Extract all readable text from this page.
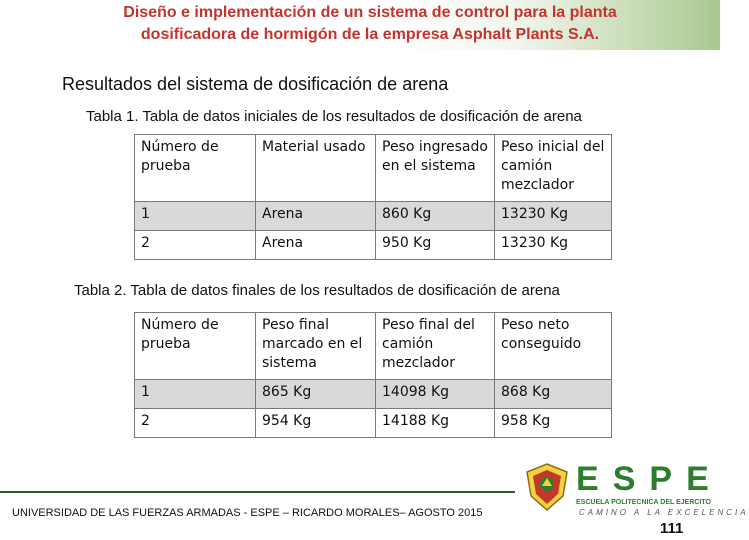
Diseño e implementación de un sistema de control para la planta
dosificadora de hormigón de la empresa Asphalt Plants S.A.
Resultados del sistema de dosificación de arena
Tabla 1. Tabla de datos iniciales de los resultados de dosificación de arena
Número de prueba	Material usado	Peso ingresado en el sistema	Peso inicial del camión mezclador
1	Arena	860 Kg	13230 Kg
2	Arena	950 Kg	13230 Kg
Tabla 2. Tabla de datos finales de los resultados de dosificación de arena
Número de prueba	Peso final marcado en el sistema	Peso final del camión mezclador	Peso neto conseguido
1	865 Kg	14098 Kg	868 Kg
2	954 Kg	14188 Kg	958 Kg
UNIVERSIDAD DE LAS FUERZAS ARMADAS - ESPE – RICARDO MORALES– AGOSTO 2015
ESPE
ESCUELA POLITECNICA DEL EJERCITO
CAMINO A LA EXCELENCIA
111
